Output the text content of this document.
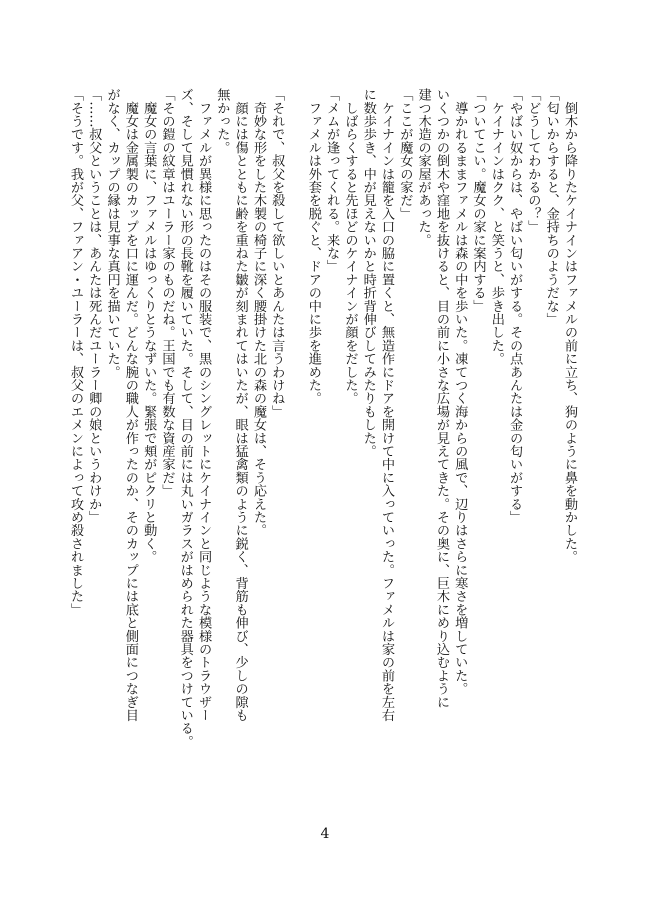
　倒木から降りたケイナインはファメルの前に立ち、狗のように鼻を動かした。
「匂いからすると、金持ちのようだな」
「どうしてわかるの？」
「やばい奴からは、やばい匂いがする。その点あんたは金の匂いがする」
　ケイナインはクク、と笑うと、歩き出した。
「ついてこい。魔女の家に案内する」
　導かれるままファメルは森の中を歩いた。凍てつく海からの風で、辺りはさらに寒さを増していた。
いくつかの倒木や窪地を抜けると、目の前に小さな広場が見えてきた。その奥に、巨木にめり込むように
建つ木造の家屋があった。
「ここが魔女の家だ」
　ケイナインは籠を入口の脇に置くと、無造作にドアを開けて中に入っていった。ファメルは家の前を左右
に数歩歩き、中が見えないかと時折背伸びしてみたりもした。
　しばらくすると先ほどのケイナインが顔をだした。
「メムが逢ってくれる。来な」
　ファメルは外套を脱ぐと、ドアの中に歩を進めた。

「それで、叔父を殺して欲しいとあんたは言うわけね」
　奇妙な形をした木製の椅子に深く腰掛けた北の森の魔女は、そう応えた。
　顔には傷とともに齢を重ねた皺が刻まれてはいたが、眼は猛禽類のように鋭く、背筋も伸び、少しの隙も
無かった。
　ファメルが異様に思ったのはその服装で、黒のシングレットにケイナインと同じような模様のトラウザー
ズ、そして見慣れない形の長靴を履いていた。そして、目の前には丸いガラスがはめられた器具をつけている。
「その鎧の紋章はユーラー家のものだね。王国でも有数な資産家だ」
　魔女の言葉に、ファメルはゆっくりとうなずいた。緊張で頬がピクリと動く。
　魔女は金属製のカップを口に運んだ。どんな腕の職人が作ったのか、そのカップには底と側面につなぎ目
がなく、カップの縁は見事な真円を描いていた。
「……叔父ということは、あんたは死んだユーラー卿の娘というわけか」
「そうです。我が父、ファアン・ユーラーは、叔父のエメンによって攻め殺されました」
4
